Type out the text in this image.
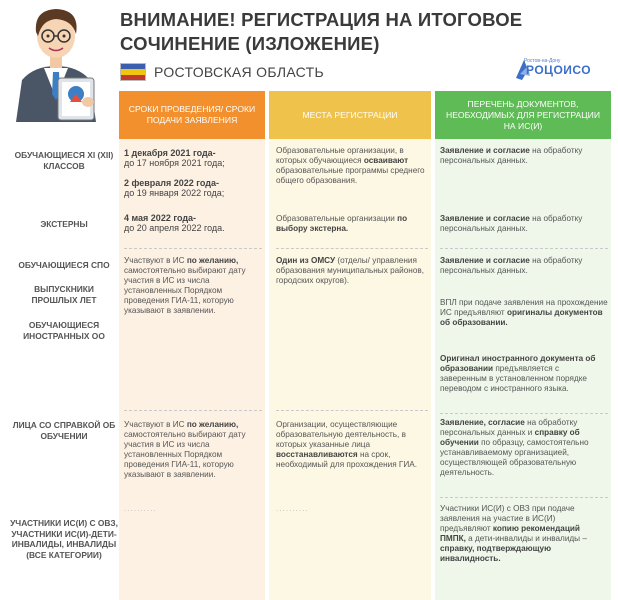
ВНИМАНИЕ! РЕГИСТРАЦИЯ НА ИТОГОВОЕ
СОЧИНЕНИЕ (ИЗЛОЖЕНИЕ)
РОСТОВСКАЯ ОБЛАСТЬ
Ростов-на-Дону
РОЦОИСО
СРОКИ ПРОВЕДЕНИЯ/ СРОКИ ПОДАЧИ ЗАЯВЛЕНИЯ
МЕСТА РЕГИСТРАЦИИ
ПЕРЕЧЕНЬ ДОКУМЕНТОВ, НЕОБХОДИМЫХ ДЛЯ РЕГИСТРАЦИИ НА ИС(И)
ОБУЧАЮЩИЕСЯ XI (XII) КЛАССОВ
1 декабря 2021 года-
до 17 ноября 2021 года;

2 февраля 2022 года-
до 19 января 2022 года;
Образовательные организации, в которых обучающиеся осваивают образовательные программы среднего общего образования.
Заявление и согласие на обработку персональных данных.
ЭКСТЕРНЫ
4 мая 2022 года-
до 20 апреля 2022 года.
Образовательные организации по выбору экстерна.
Заявление и согласие на обработку персональных данных.
ОБУЧАЮЩИЕСЯ СПО
ВЫПУСКНИКИ ПРОШЛЫХ ЛЕТ
ОБУЧАЮЩИЕСЯ ИНОСТРАННЫХ ОО
Участвуют в ИС по желанию, самостоятельно выбирают дату участия в ИС из числа установленных Порядком проведения ГИА-11, которую указывают в заявлении.
Один из ОМСУ (отделы/ управления образования муниципальных районов, городских округов).
Заявление и согласие на обработку персональных данных.
ВПЛ при подаче заявления на прохождение ИС предъявляют оригиналы документов об образовании.
Оригинал иностранного документа об образовании предъявляется с заверенным в установленном порядке переводом с иностранного языка.
ЛИЦА СО СПРАВКОЙ ОБ ОБУЧЕНИИ
Участвуют в ИС по желанию, самостоятельно выбирают дату участия в ИС из числа установленных Порядком проведения ГИА-11, которую указывают в заявлении.
Организации, осуществляющие образовательную деятельность, в которых указанные лица восстанавливаются на срок, необходимый для прохождения ГИА.
Заявление, согласие на обработку персональных данных и справку об обучении по образцу, самостоятельно устанавливаемому организацией, осуществляющей образовательную деятельность.
УЧАСТНИКИ ИС(И) С ОВЗ, УЧАСТНИКИ ИС(И)-ДЕТИ-ИНВАЛИДЫ, ИНВАЛИДЫ (ВСЕ КАТЕГОРИИ)
..........	..........	Участники ИС(И) с ОВЗ при подаче заявления на участие в ИС(И) предъявляют копию рекомендаций ПМПК, а дети-инвалиды и инвалиды – справку, подтверждающую инвалидность.
